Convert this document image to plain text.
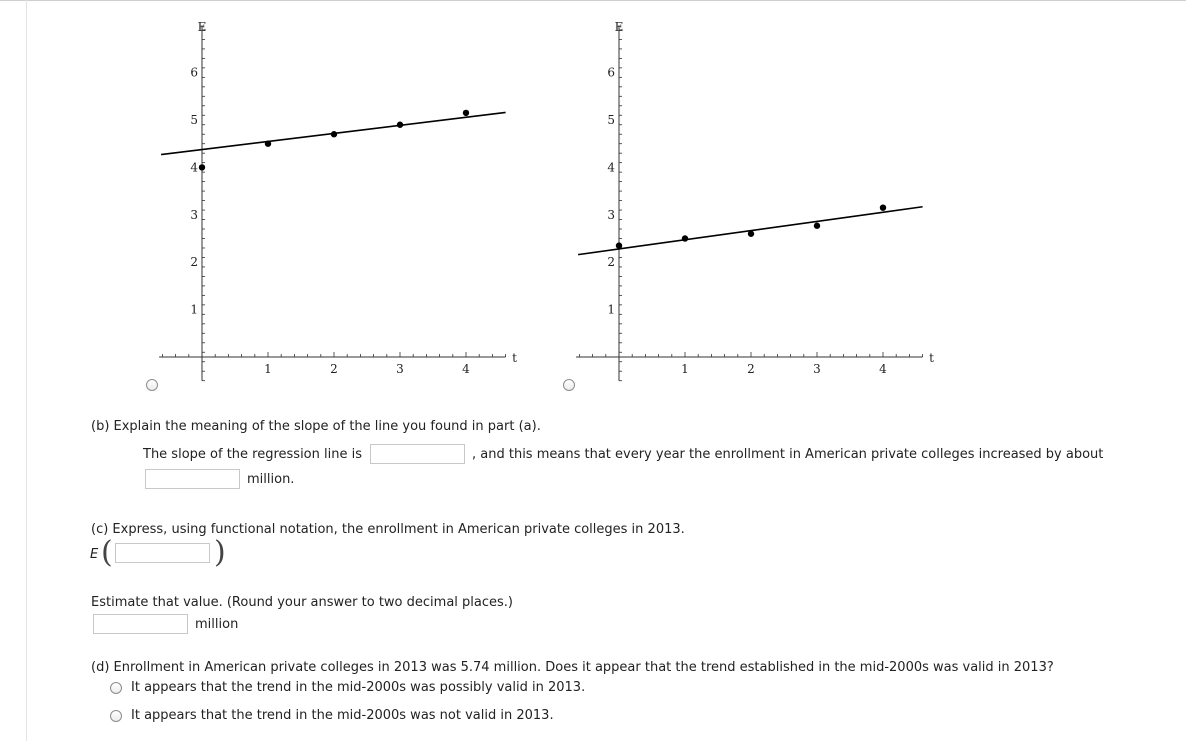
1	2	3	4
1
2
3
4
5
6
E
t
1	2	3	4
1
2
3
4
5
6
E
t
(b) Explain the meaning of the slope of the line you found in part (a).
The slope of the regression line is	, and this means that every year the enrollment in American private colleges increased by about
million.
(c) Express, using functional notation, the enrollment in American private colleges in 2013.
E (	)
Estimate that value. (Round your answer to two decimal places.)
million
(d) Enrollment in American private colleges in 2013 was 5.74 million. Does it appear that the trend established in the mid-2000s was valid in 2013?
It appears that the trend in the mid-2000s was possibly valid in 2013.
It appears that the trend in the mid-2000s was not valid in 2013.
